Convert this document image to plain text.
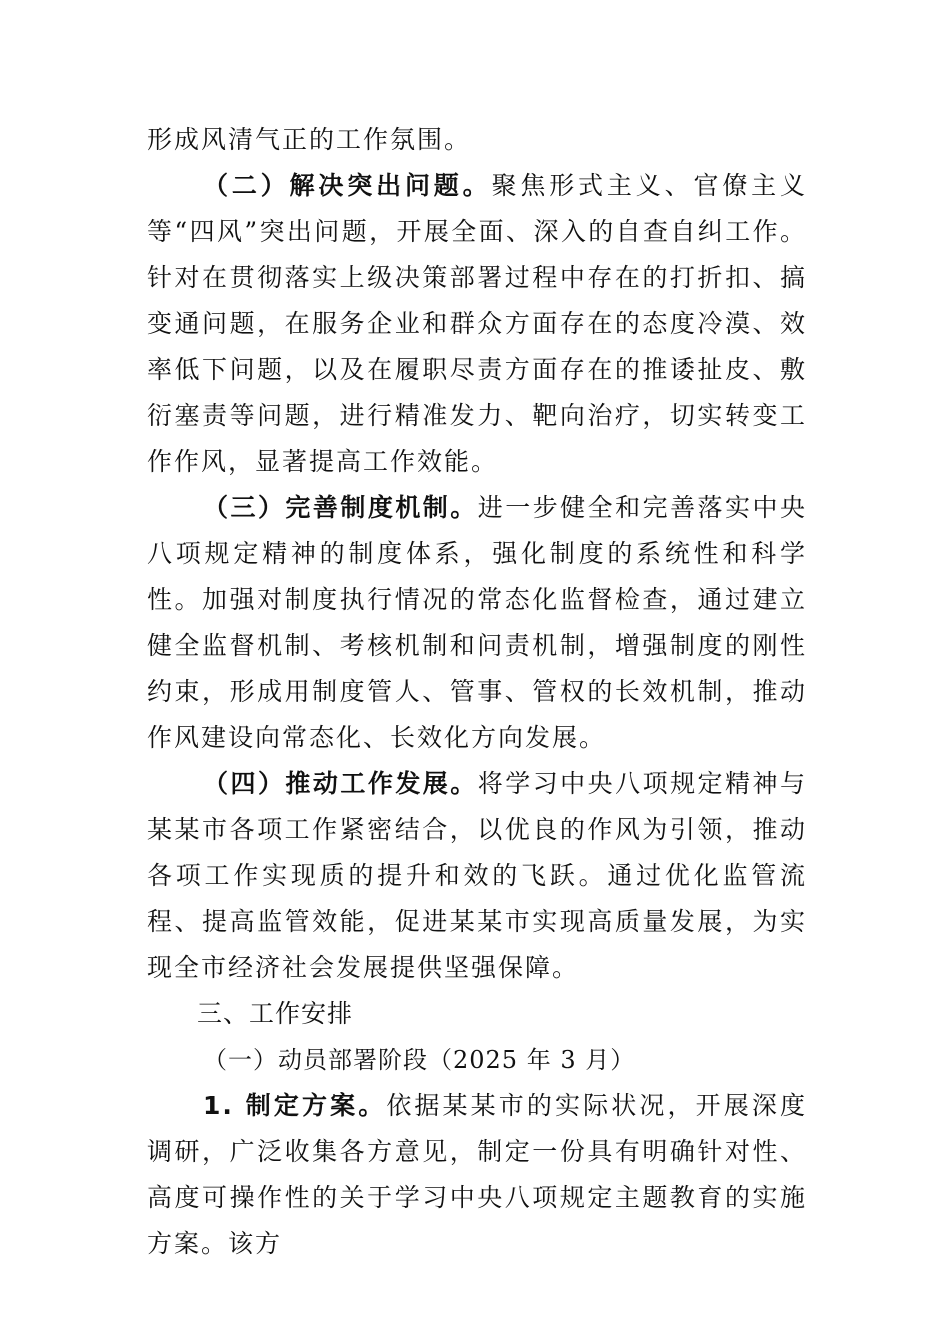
形成风清气正的工作氛围。

（二）解决突出问题。聚焦形式主义、官僚主义等“四风”突出问题，开展全面、深入的自查自纠工作。针对在贯彻落实上级决策部署过程中存在的打折扣、搞变通问题，在服务企业和群众方面存在的态度冷漠、效率低下问题，以及在履职尽责方面存在的推诿扯皮、敷衍塞责等问题，进行精准发力、靶向治疗，切实转变工作作风，显著提高工作效能。

（三）完善制度机制。进一步健全和完善落实中央八项规定精神的制度体系，强化制度的系统性和科学性。加强对制度执行情况的常态化监督检查，通过建立健全监督机制、考核机制和问责机制，增强制度的刚性约束，形成用制度管人、管事、管权的长效机制，推动作风建设向常态化、长效化方向发展。

（四）推动工作发展。将学习中央八项规定精神与某某市各项工作紧密结合，以优良的作风为引领，推动各项工作实现质的提升和效的飞跃。通过优化监管流程、提高监管效能，促进某某市实现高质量发展，为实现全市经济社会发展提供坚强保障。

三、工作安排

（一）动员部署阶段（2025 年 3 月）

1. 制定方案。依据某某市的实际状况，开展深度调研，广泛收集各方意见，制定一份具有明确针对性、高度可操作性的关于学习中央八项规定主题教育的实施方案。该方
